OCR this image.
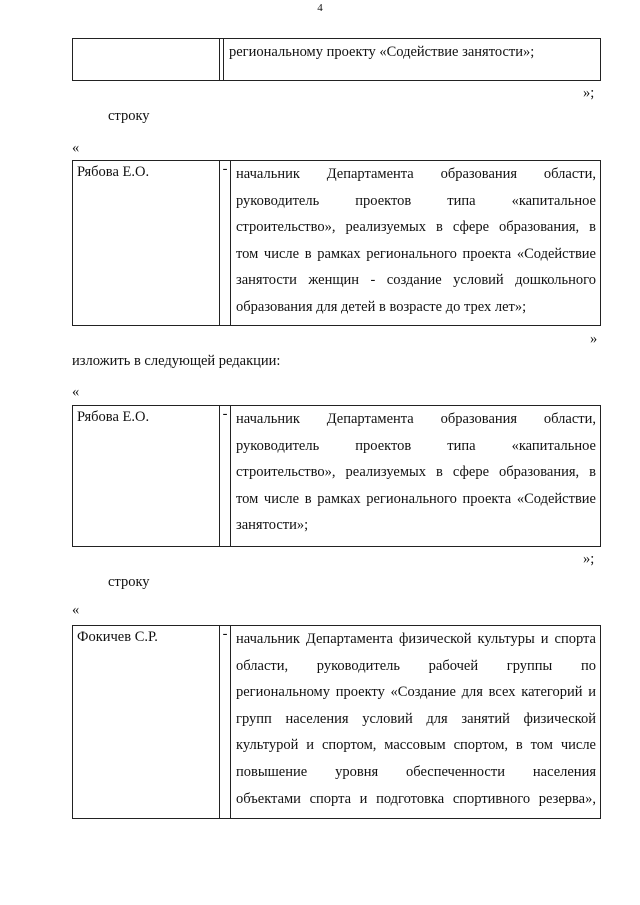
4

региональному проекту «Содействие занятости»;
»;
строку
«
Рябова Е.О.	-	начальник Департамента образования области,
руководитель проектов типа «капитальное
строительство», реализуемых в сфере образования, в
том числе в рамках регионального проекта «Содействие
занятости женщин - создание условий дошкольного
образования для детей в возрасте до трех лет»;
»
изложить в следующей редакции:
«
Рябова Е.О.	-	начальник Департамента образования области,
руководитель проектов типа «капитальное
строительство», реализуемых в сфере образования, в
том числе в рамках регионального проекта «Содействие
занятости»;
»;
строку
«
Фокичев С.Р.	-	начальник Департамента физической культуры и спорта
области, руководитель рабочей группы по
региональному проекту «Создание для всех категорий и
групп населения условий для занятий физической
культурой и спортом, массовым спортом, в том числе
повышение уровня обеспеченности населения
объектами спорта и подготовка спортивного резерва»,
